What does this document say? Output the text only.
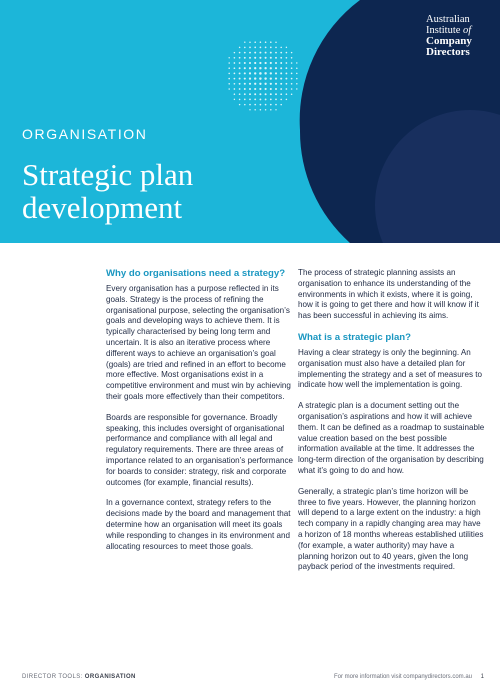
Australian
Institute of
Company
Directors
ORGANISATION
Strategic plan development
Why do organisations need a strategy?

Every organisation has a purpose reflected in its goals. Strategy is the process of refining the organisational purpose, selecting the organisation’s goals and developing ways to achieve them. It is typically characterised by being long term and uncertain. It is also an iterative process where different ways to achieve an organisation’s goal (goals) are tried and refined in an effort to become more effective. Most organisations exist in a competitive environment and must win by achieving their goals more effectively than their competitors.

Boards are responsible for governance. Broadly speaking, this includes oversight of organisational performance and compliance with all legal and regulatory requirements. There are three areas of importance related to an organisation’s performance for boards to consider: strategy, risk and corporate outcomes (for example, financial results).

In a governance context, strategy refers to the decisions made by the board and management that determine how an organisation will meet its goals while responding to changes in its environment and allocating resources to meet those goals.

The process of strategic planning assists an organisation to enhance its understanding of the environments in which it exists, where it is going, how it is going to get there and how it will know if it has been successful in achieving its aims.

What is a strategic plan?

Having a clear strategy is only the beginning. An organisation must also have a detailed plan for implementing the strategy and a set of measures to indicate how well the implementation is going.

A strategic plan is a document setting out the organisation’s aspirations and how it will achieve them. It can be defined as a roadmap to sustainable value creation based on the best possible information available at the time. It addresses the long-term direction of the organisation by describing what it’s going to do and how.

Generally, a strategic plan’s time horizon will be three to five years. However, the planning horizon will depend to a large extent on the industry: a high tech company in a rapidly changing area may have a horizon of 18 months whereas established utilities (for example, a water authority) may have a planning horizon out to 40 years, given the long payback period of the investments required.

DIRECTOR TOOLS: ORGANISATION	For more information visit companydirectors.com.au 1
